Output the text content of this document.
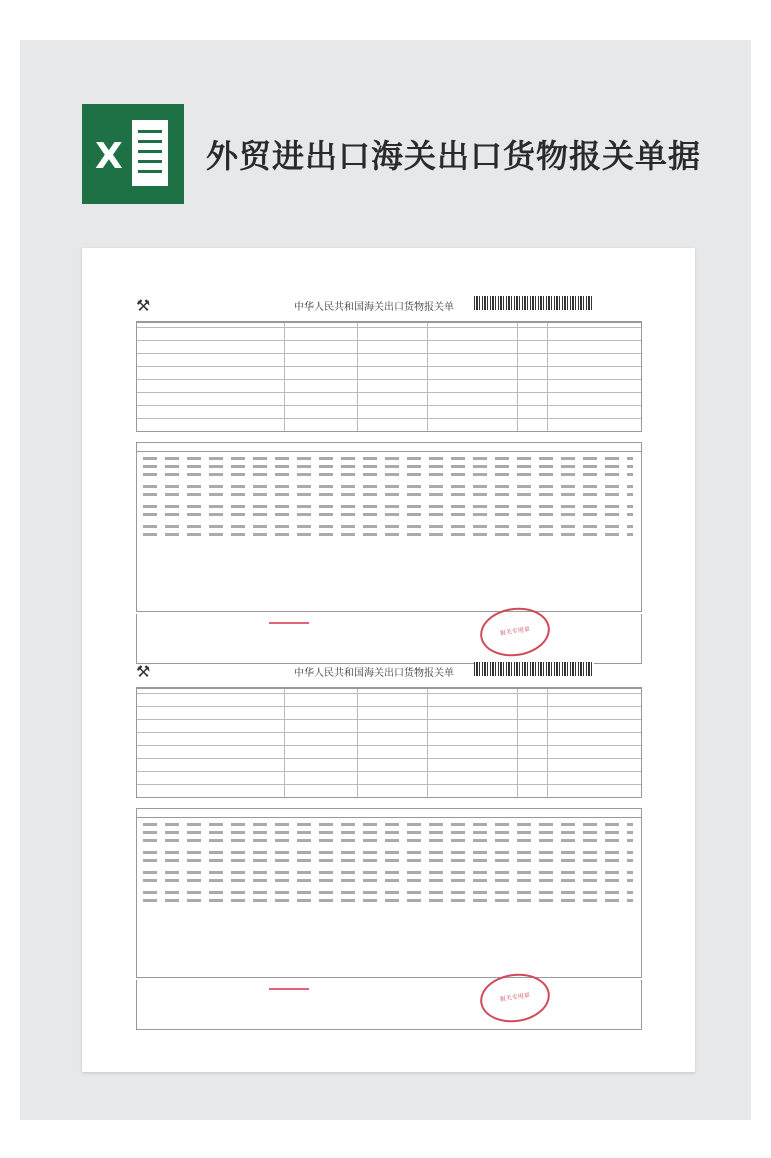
X	外贸进出口海关出口货物报关单据
⚒	中华人民共和国海关出口货物报关单
报关专用章
⚒	中华人民共和国海关出口货物报关单
报关专用章
